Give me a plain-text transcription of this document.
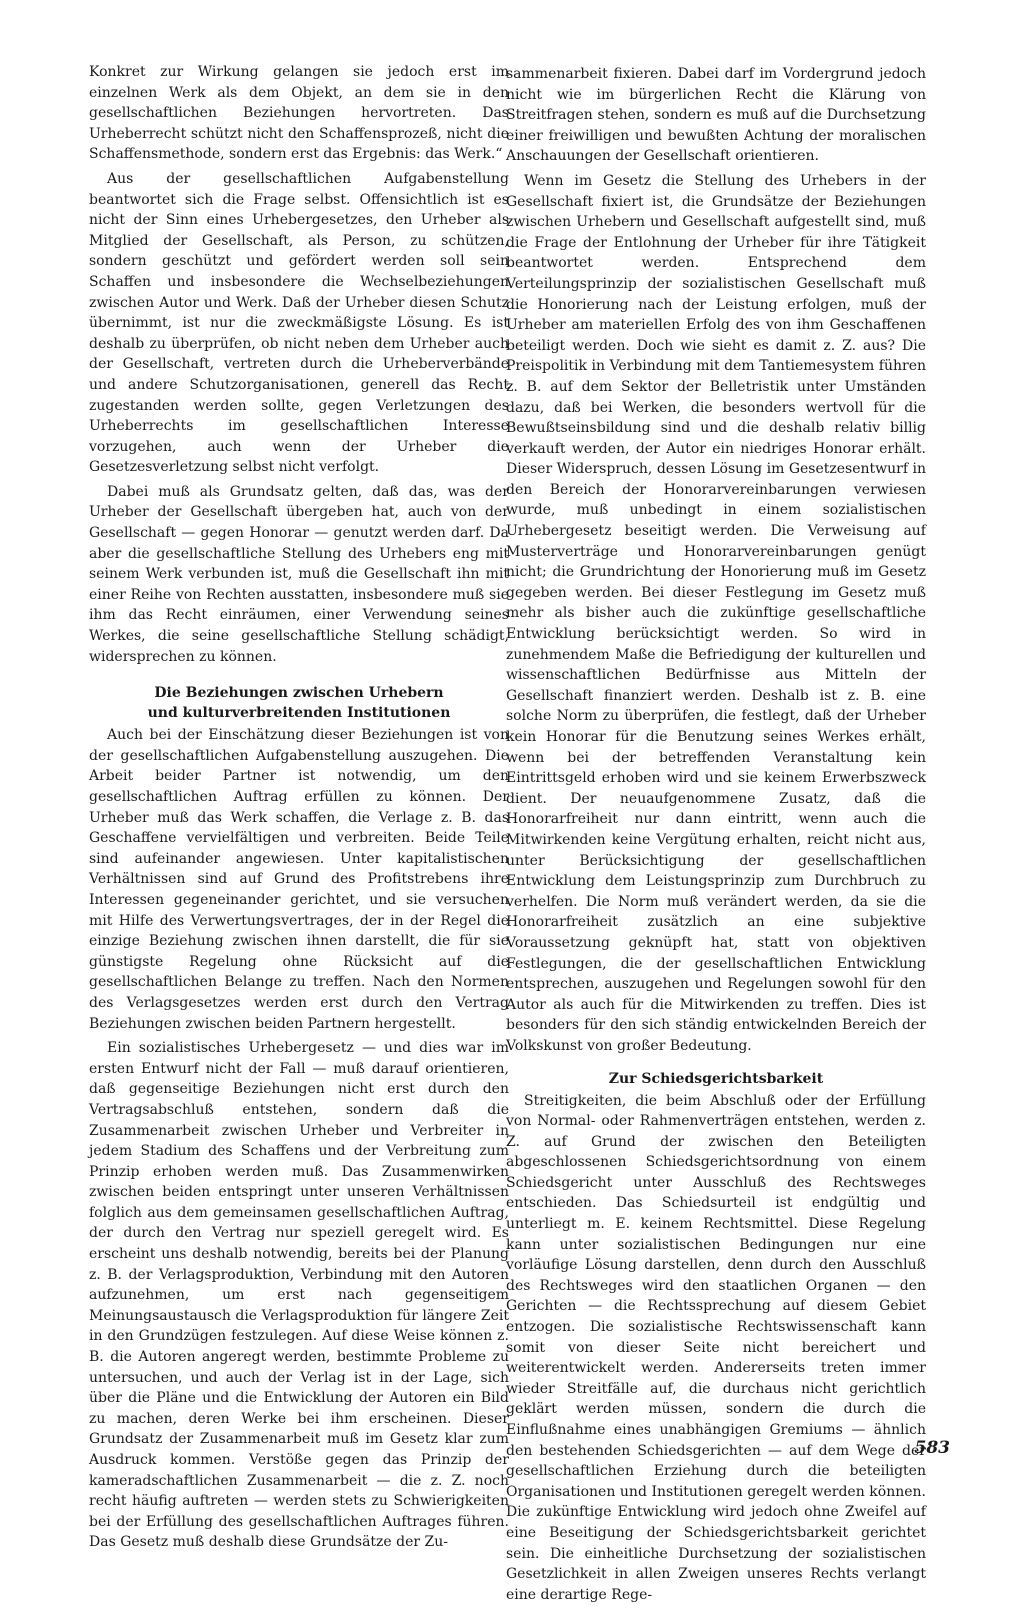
Konkret zur Wirkung gelangen sie jedoch erst im einzelnen Werk als dem Objekt, an dem sie in den gesellschaftlichen Beziehungen hervortreten. Das Urheberrecht schützt nicht den Schaffensprozeß, nicht die Schaffensmethode, sondern erst das Ergebnis: das Werk.“

Aus der gesellschaftlichen Aufgabenstellung beantwortet sich die Frage selbst. Offensichtlich ist es nicht der Sinn eines Urhebergesetzes, den Urheber als Mitglied der Gesellschaft, als Person, zu schützen, sondern geschützt und gefördert werden soll sein Schaffen und insbesondere die Wechselbeziehungen zwischen Autor und Werk. Daß der Urheber diesen Schutz übernimmt, ist nur die zweckmäßigste Lösung. Es ist deshalb zu überprüfen, ob nicht neben dem Urheber auch der Gesellschaft, vertreten durch die Urheberverbände und andere Schutzorganisationen, generell das Recht zugestanden werden sollte, gegen Verletzungen des Urheberrechts im gesellschaftlichen Interesse vorzugehen, auch wenn der Urheber die Gesetzesverletzung selbst nicht verfolgt.

Dabei muß als Grundsatz gelten, daß das, was der Urheber der Gesellschaft übergeben hat, auch von der Gesellschaft — gegen Honorar — genutzt werden darf. Da aber die gesellschaftliche Stellung des Urhebers eng mit seinem Werk verbunden ist, muß die Gesellschaft ihn mit einer Reihe von Rechten ausstatten, insbesondere muß sie ihm das Recht einräumen, einer Verwendung seines Werkes, die seine gesellschaftliche Stellung schädigt, widersprechen zu können.

Die Beziehungen zwischen Urhebern
und kulturverbreitenden Institutionen

Auch bei der Einschätzung dieser Beziehungen ist von der gesellschaftlichen Aufgabenstellung auszugehen. Die Arbeit beider Partner ist notwendig, um den gesellschaftlichen Auftrag erfüllen zu können. Der Urheber muß das Werk schaffen, die Verlage z. B. das Geschaffene vervielfältigen und verbreiten. Beide Teile sind aufeinander angewiesen. Unter kapitalistischen Verhältnissen sind auf Grund des Profitstrebens ihre Interessen gegeneinander gerichtet, und sie versuchen mit Hilfe des Verwertungsvertrages, der in der Regel die einzige Beziehung zwischen ihnen darstellt, die für sie günstigste Regelung ohne Rücksicht auf die gesellschaftlichen Belange zu treffen. Nach den Normen des Verlagsgesetzes werden erst durch den Vertrag Beziehungen zwischen beiden Partnern hergestellt.

Ein sozialistisches Urhebergesetz — und dies war im ersten Entwurf nicht der Fall — muß darauf orientieren, daß gegenseitige Beziehungen nicht erst durch den Vertragsabschluß entstehen, sondern daß die Zusammenarbeit zwischen Urheber und Verbreiter in jedem Stadium des Schaffens und der Verbreitung zum Prinzip erhoben werden muß. Das Zusammenwirken zwischen beiden entspringt unter unseren Verhältnissen folglich aus dem gemeinsamen gesellschaftlichen Auftrag, der durch den Vertrag nur speziell geregelt wird. Es erscheint uns deshalb notwendig, bereits bei der Planung z. B. der Verlagsproduktion, Verbindung mit den Autoren aufzunehmen, um erst nach gegenseitigem Meinungsaustausch die Verlagsproduktion für längere Zeit in den Grundzügen festzulegen. Auf diese Weise können z. B. die Autoren angeregt werden, bestimmte Probleme zu untersuchen, und auch der Verlag ist in der Lage, sich über die Pläne und die Entwicklung der Autoren ein Bild zu machen, deren Werke bei ihm erscheinen. Dieser Grundsatz der Zusammenarbeit muß im Gesetz klar zum Ausdruck kommen. Verstöße gegen das Prinzip der kameradschaftlichen Zusammenarbeit — die z. Z. noch recht häufig auftreten — werden stets zu Schwierigkeiten bei der Erfüllung des gesellschaftlichen Auftrages führen. Das Gesetz muß deshalb diese Grundsätze der Zu-

sammenarbeit fixieren. Dabei darf im Vordergrund jedoch nicht wie im bürgerlichen Recht die Klärung von Streitfragen stehen, sondern es muß auf die Durchsetzung einer freiwilligen und bewußten Achtung der moralischen Anschauungen der Gesellschaft orientieren.

Wenn im Gesetz die Stellung des Urhebers in der Gesellschaft fixiert ist, die Grundsätze der Beziehungen zwischen Urhebern und Gesellschaft aufgestellt sind, muß die Frage der Entlohnung der Urheber für ihre Tätigkeit beantwortet werden. Entsprechend dem Verteilungsprinzip der sozialistischen Gesellschaft muß die Honorierung nach der Leistung erfolgen, muß der Urheber am materiellen Erfolg des von ihm Geschaffenen beteiligt werden. Doch wie sieht es damit z. Z. aus? Die Preispolitik in Verbindung mit dem Tantiemesystem führen z. B. auf dem Sektor der Belletristik unter Umständen dazu, daß bei Werken, die besonders wertvoll für die Bewußtseinsbildung sind und die deshalb relativ billig verkauft werden, der Autor ein niedriges Honorar erhält. Dieser Widerspruch, dessen Lösung im Gesetzesentwurf in den Bereich der Honorarvereinbarungen verwiesen wurde, muß unbedingt in einem sozialistischen Urhebergesetz beseitigt werden. Die Verweisung auf Musterverträge und Honorarvereinbarungen genügt nicht; die Grundrichtung der Honorierung muß im Gesetz gegeben werden. Bei dieser Festlegung im Gesetz muß mehr als bisher auch die zukünftige gesellschaftliche Entwicklung berücksichtigt werden. So wird in zunehmendem Maße die Befriedigung der kulturellen und wissenschaftlichen Bedürfnisse aus Mitteln der Gesellschaft finanziert werden. Deshalb ist z. B. eine solche Norm zu überprüfen, die festlegt, daß der Urheber kein Honorar für die Benutzung seines Werkes erhält, wenn bei der betreffenden Veranstaltung kein Eintrittsgeld erhoben wird und sie keinem Erwerbszweck dient. Der neuaufgenommene Zusatz, daß die Honorarfreiheit nur dann eintritt, wenn auch die Mitwirkenden keine Vergütung erhalten, reicht nicht aus, unter Berücksichtigung der gesellschaftlichen Entwicklung dem Leistungsprinzip zum Durchbruch zu verhelfen. Die Norm muß verändert werden, da sie die Honorarfreiheit zusätzlich an eine subjektive Voraussetzung geknüpft hat, statt von objektiven Festlegungen, die der gesellschaftlichen Entwicklung entsprechen, auszugehen und Regelungen sowohl für den Autor als auch für die Mitwirkenden zu treffen. Dies ist besonders für den sich ständig entwickelnden Bereich der Volkskunst von großer Bedeutung.

Zur Schiedsgerichtsbarkeit

Streitigkeiten, die beim Abschluß oder der Erfüllung von Normal- oder Rahmenverträgen entstehen, werden z. Z. auf Grund der zwischen den Beteiligten abgeschlossenen Schiedsgerichtsordnung von einem Schiedsgericht unter Ausschluß des Rechtsweges entschieden. Das Schiedsurteil ist endgültig und unterliegt m. E. keinem Rechtsmittel. Diese Regelung kann unter sozialistischen Bedingungen nur eine vorläufige Lösung darstellen, denn durch den Ausschluß des Rechtsweges wird den staatlichen Organen — den Gerichten — die Rechtssprechung auf diesem Gebiet entzogen. Die sozialistische Rechtswissenschaft kann somit von dieser Seite nicht bereichert und weiterentwickelt werden. Andererseits treten immer wieder Streitfälle auf, die durchaus nicht gerichtlich geklärt werden müssen, sondern die durch die Einflußnahme eines unabhängigen Gremiums — ähnlich den bestehenden Schiedsgerichten — auf dem Wege der gesellschaftlichen Erziehung durch die beteiligten Organisationen und Institutionen geregelt werden können. Die zukünftige Entwicklung wird jedoch ohne Zweifel auf eine Beseitigung der Schiedsgerichtsbarkeit gerichtet sein. Die einheitliche Durchsetzung der sozialistischen Gesetzlichkeit in allen Zweigen unseres Rechts verlangt eine derartige Rege-

583
